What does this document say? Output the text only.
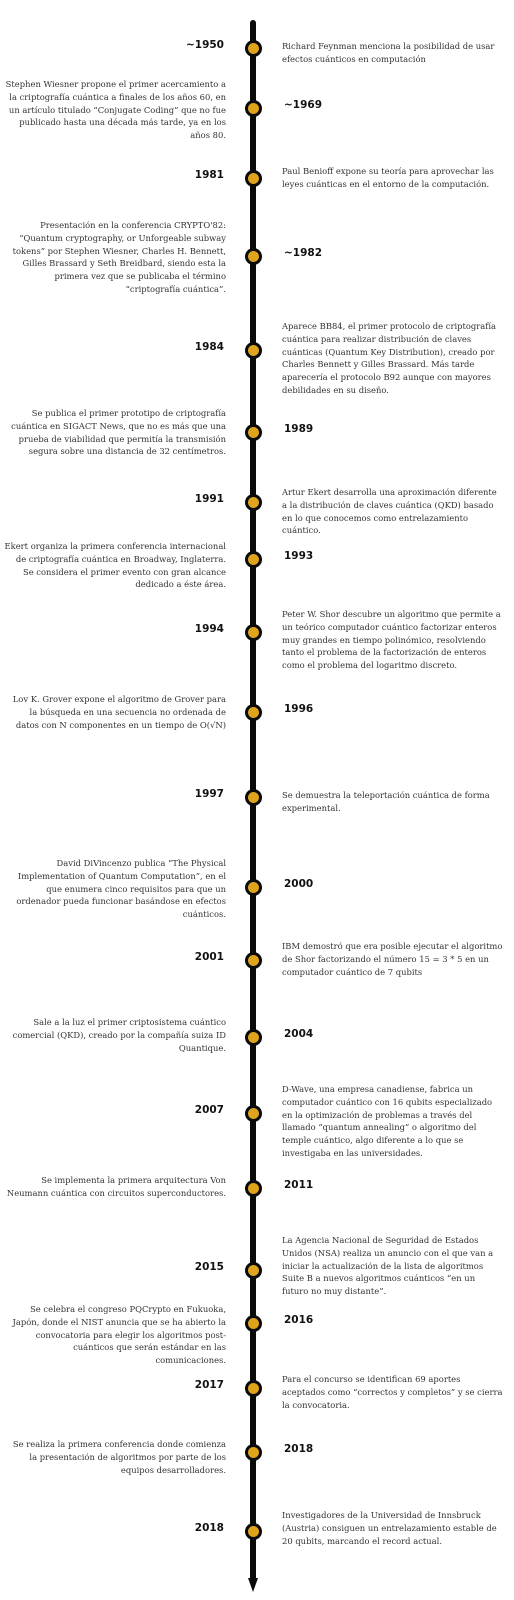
~1950	Richard Feynman menciona la posibilidad de usar efectos cuánticos en computación
~1969
Stephen Wiesner propone el primer acercamiento a la criptografía cuántica a finales de los años 60, en un artículo titulado “Conjugate Coding” que no fue publicado hasta una década más tarde, ya en los años 80.
1981	Paul Benioff expone su teoría para aprovechar las leyes cuánticas en el entorno de la computación.
~1982
Presentación en la conferencia CRYPTO'82: “Quantum cryptography, or Unforgeable subway tokens” por Stephen Wiesner, Charles H. Bennett, Gilles Brassard y Seth Breidbard, siendo esta la primera vez que se publicaba el término “criptografía cuántica”.
1984
Aparece BB84, el primer protocolo de criptografía cuántica para realizar distribución de claves cuánticas (Quantum Key Distribution), creado por Charles Bennett y Gilles Brassard. Más tarde aparecería el protocolo B92 aunque con mayores debilidades en su diseño.
1989
Se publica el primer prototipo de criptografía cuántica en SIGACT News, que no es más que una prueba de viabilidad que permitía la transmisión segura sobre una distancia de 32 centímetros.
1991
Artur Ekert desarrolla una aproximación diferente a la distribución de claves cuántica (QKD) basado en lo que conocemos como entrelazamiento cuántico.
1993
Ekert organiza la primera conferencia internacional de criptografía cuántica en Broadway, Inglaterra. Se considera el primer evento con gran alcance dedicado a éste área.
1994
Peter W. Shor descubre un algoritmo que permite a un teórico computador cuántico factorizar enteros muy grandes en tiempo polinómico, resolviendo tanto el problema de la factorización de enteros como el problema del logaritmo discreto.
1996
Lov K. Grover expone el algoritmo de Grover para la búsqueda en una secuencia no ordenada de datos con N componentes en un tiempo de O(√N)
1997	Se demuestra la teleportación cuántica de forma experimental.
2000
David DiVincenzo publica “The Physical Implementation of Quantum Computation”, en el que enumera cinco requisitos para que un ordenador pueda funcionar basándose en efectos cuánticos.
2001
IBM demostró que era posible ejecutar el algoritmo de Shor factorizando el número 15 = 3 * 5 en un computador cuántico de 7 qubits
2004
Sale a la luz el primer criptosistema cuántico comercial (QKD), creado por la compañía suiza ID Quantique.
2007
D-Wave, una empresa canadiense, fabrica un computador cuántico con 16 qubits especializado en la optimización de problemas a través del llamado “quantum annealing” o algoritmo del temple cuántico, algo diferente a lo que se investigaba en las universidades.
2011
Se implementa la primera arquitectura Von Neumann cuántica con circuitos superconductores.
2015
La Agencia Nacional de Seguridad de Estados Unidos (NSA) realiza un anuncio con el que van a iniciar la actualización de la lista de algoritmos Suite B a nuevos algoritmos cuánticos “en un futuro no muy distante”.
2016
Se celebra el congreso PQCrypto en Fukuoka, Japón, donde el NIST anuncia que se ha abierto la convocatoria para elegir los algoritmos post-cuánticos que serán estándar en las comunicaciones.
2017	Para el concurso se identifican 69 aportes aceptados como “correctos y completos” y se cierra la convocatoria.
2018
Se realiza la primera conferencia donde comienza la presentación de algoritmos por parte de los equipos desarrolladores.
2018
Investigadores de la Universidad de Innsbruck (Austria) consiguen un entrelazamiento estable de 20 qubits, marcando el record actual.
